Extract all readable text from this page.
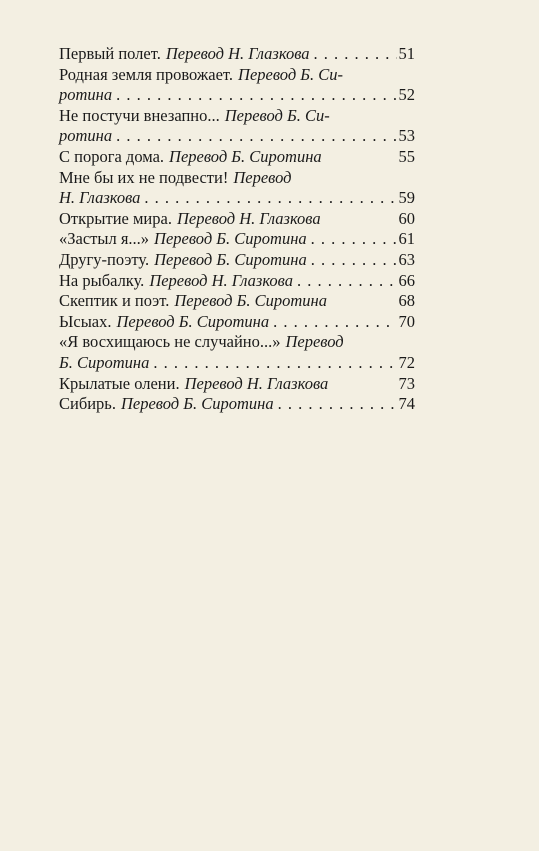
Первый полет. Перевод Н. Глазкова . . .	51
Родная земля провожает. Перевод Б. Си-
ротина . . .	52
Не постучи внезапно... Перевод Б. Си-
ротина . . .	53
С порога дома. Перевод Б. Сиротина	55
Мне бы их не подвести! Перевод
Н. Глазкова . . .	59
Открытие мира. Перевод Н. Глазкова	60
«Застыл я...» Перевод Б. Сиротина . . .	61
Другу-поэту. Перевод Б. Сиротина . . .	63
На рыбалку. Перевод Н. Глазкова . . .	66
Скептик и поэт. Перевод Б. Сиротина	68
Ысыах. Перевод Б. Сиротина . . .	70
«Я восхищаюсь не случайно...» Перевод
Б. Сиротина . . .	72
Крылатые олени. Перевод Н. Глазкова	73
Сибирь. Перевод Б. Сиротина . . .	74
